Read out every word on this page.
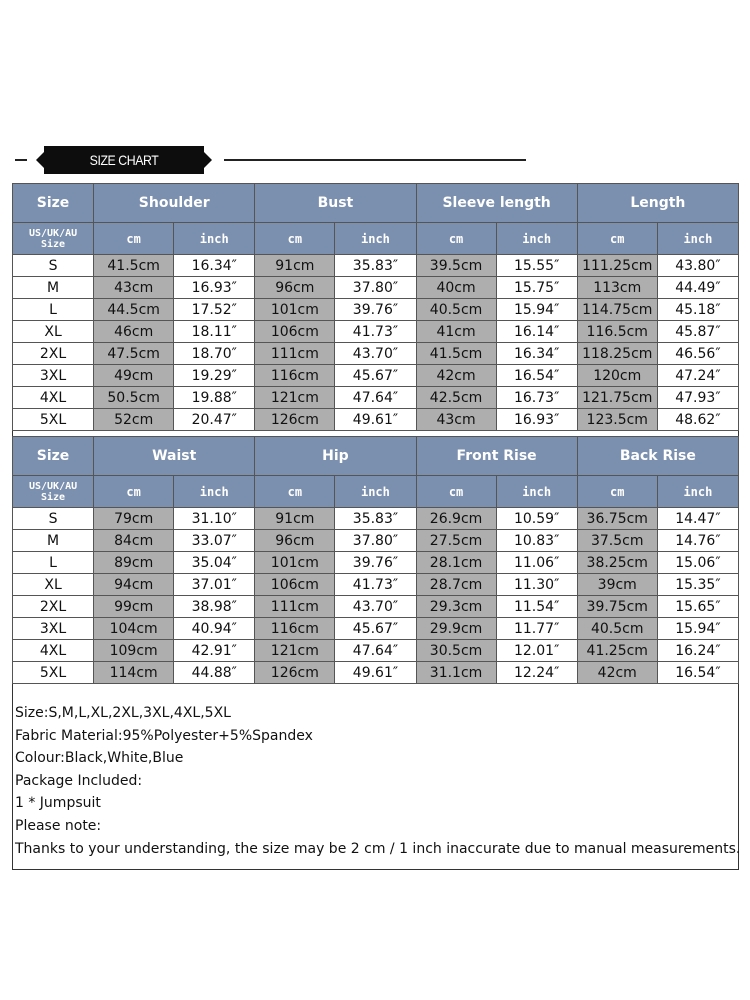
SIZE CHART
Size	Shoulder		Bust		Sleeve length		Length	
US/UK/AU
Size	cm	inch	cm	inch	cm	inch	cm	inch
S	41.5cm	16.34″	91cm	35.83″	39.5cm	15.55″	111.25cm	43.80″
M	43cm	16.93″	96cm	37.80″	40cm	15.75″	113cm	44.49″
L	44.5cm	17.52″	101cm	39.76″	40.5cm	15.94″	114.75cm	45.18″
XL	46cm	18.11″	106cm	41.73″	41cm	16.14″	116.5cm	45.87″
2XL	47.5cm	18.70″	111cm	43.70″	41.5cm	16.34″	118.25cm	46.56″
3XL	49cm	19.29″	116cm	45.67″	42cm	16.54″	120cm	47.24″
4XL	50.5cm	19.88″	121cm	47.64″	42.5cm	16.73″	121.75cm	47.93″
5XL	52cm	20.47″	126cm	49.61″	43cm	16.93″	123.5cm	48.62″
Size	Waist		Hip		Front Rise		Back Rise	
US/UK/AU
Size	cm	inch	cm	inch	cm	inch	cm	inch
S	79cm	31.10″	91cm	35.83″	26.9cm	10.59″	36.75cm	14.47″
M	84cm	33.07″	96cm	37.80″	27.5cm	10.83″	37.5cm	14.76″
L	89cm	35.04″	101cm	39.76″	28.1cm	11.06″	38.25cm	15.06″
XL	94cm	37.01″	106cm	41.73″	28.7cm	11.30″	39cm	15.35″
2XL	99cm	38.98″	111cm	43.70″	29.3cm	11.54″	39.75cm	15.65″
3XL	104cm	40.94″	116cm	45.67″	29.9cm	11.77″	40.5cm	15.94″
4XL	109cm	42.91″	121cm	47.64″	30.5cm	12.01″	41.25cm	16.24″
5XL	114cm	44.88″	126cm	49.61″	31.1cm	12.24″	42cm	16.54″
Size:S,M,L,XL,2XL,3XL,4XL,5XL
Fabric Material:95%Polyester+5%Spandex
Colour:Black,White,Blue
Package Included:
1 * Jumpsuit
Please note:
Thanks to your understanding, the size may be 2 cm / 1 inch inaccurate due to manual measurements.
